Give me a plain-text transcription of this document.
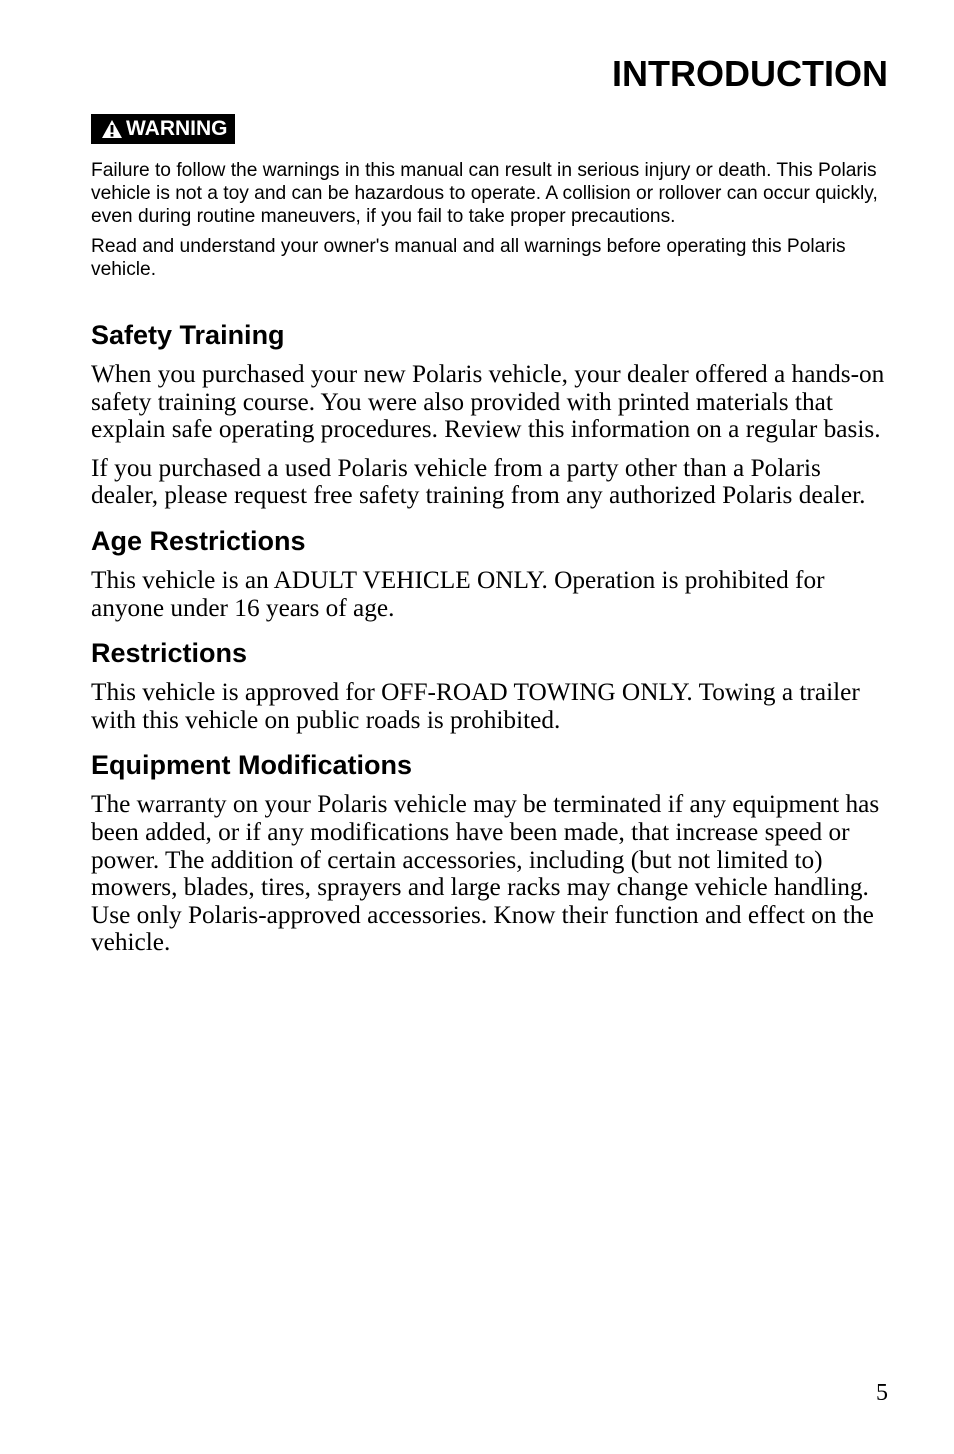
INTRODUCTION
WARNING

Failure to follow the warnings in this manual can result in serious injury or death. This Polaris vehicle is not a toy and can be hazardous to operate. A collision or rollover can occur quickly, even during routine maneuvers, if you fail to take proper precautions.

Read and understand your owner's manual and all warnings before operating this Polaris vehicle.

Safety Training

When you purchased your new Polaris vehicle, your dealer offered a hands-on safety training course. You were also provided with printed materials that explain safe operating procedures. Review this information on a regular basis.

If you purchased a used Polaris vehicle from a party other than a Polaris dealer, please request free safety training from any authorized Polaris dealer.

Age Restrictions

This vehicle is an ADULT VEHICLE ONLY. Operation is prohibited for anyone under 16 years of age.

Restrictions

This vehicle is approved for OFF-ROAD TOWING ONLY. Towing a trailer with this vehicle on public roads is prohibited.

Equipment Modifications

The warranty on your Polaris vehicle may be terminated if any equipment has been added, or if any modifications have been made, that increase speed or power. The addition of certain accessories, including (but not limited to) mowers, blades, tires, sprayers and large racks may change vehicle handling. Use only Polaris-approved accessories. Know their function and effect on the vehicle.

5
